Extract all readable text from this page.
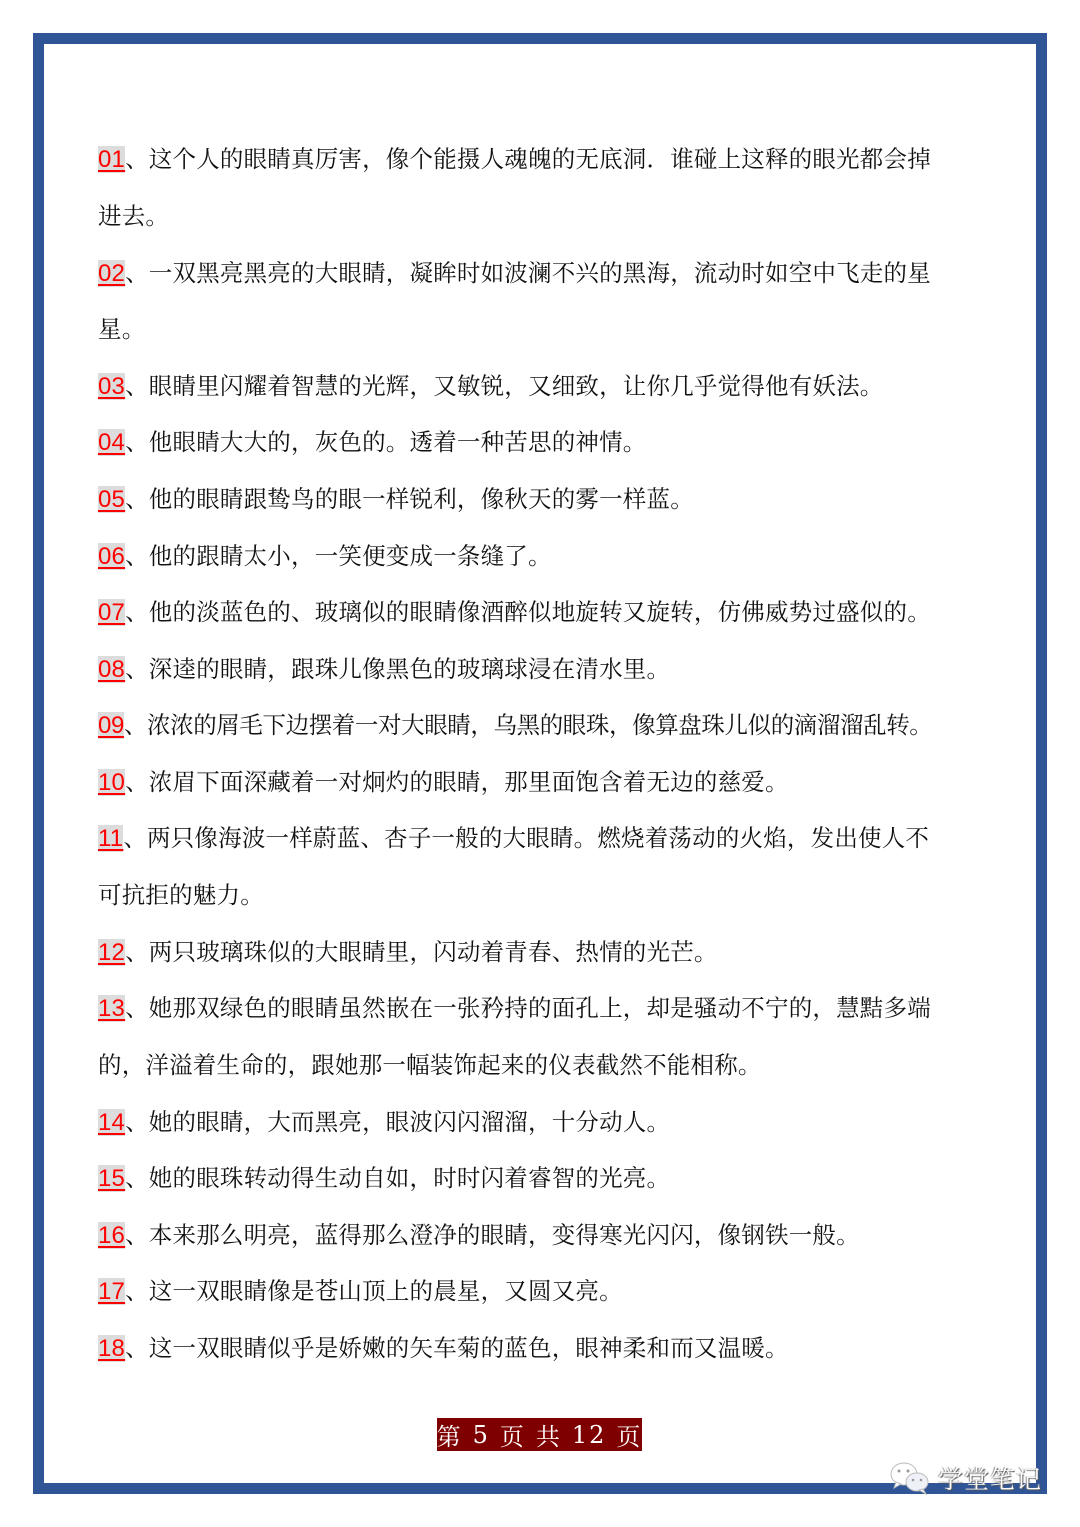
01、这个人的眼睛真厉害，像个能摄人魂魄的无底洞．谁碰上这释的眼光都会掉
进去。
02、一双黑亮黑亮的大眼睛，凝眸时如波澜不兴的黑海，流动时如空中飞走的星
星。
03、眼睛里闪耀着智慧的光辉，又敏锐，又细致，让你几乎觉得他有妖法。
04、他眼睛大大的，灰色的。透着一种苦思的神情。
05、他的眼睛跟鸷鸟的眼一样锐利，像秋天的雾一样蓝。
06、他的跟睛太小，一笑便变成一条缝了。
07、他的淡蓝色的、玻璃似的眼睛像酒醉似地旋转又旋转，仿佛威势过盛似的。
08、深逵的眼睛，跟珠儿像黑色的玻璃球浸在清水里。
09、浓浓的屑毛下边摆着一对大眼睛，乌黑的眼珠，像算盘珠儿似的滴溜溜乱转。
10、浓眉下面深藏着一对炯灼的眼睛，那里面饱含着无边的慈爱。
11、两只像海波一样蔚蓝、杏子一般的大眼睛。燃烧着荡动的火焰，发出使人不
可抗拒的魅力。
12、两只玻璃珠似的大眼睛里，闪动着青春、热情的光芒。
13、她那双绿色的眼睛虽然嵌在一张矜持的面孔上，却是骚动不宁的，慧黠多端
的，洋溢着生命的，跟她那一幅装饰起来的仪表截然不能相称。
14、她的眼睛，大而黑亮，眼波闪闪溜溜，十分动人。
15、她的眼珠转动得生动自如，时时闪着睿智的光亮。
16、本来那么明亮，蓝得那么澄净的眼睛，变得寒光闪闪，像钢铁一般。
17、这一双眼睛像是苍山顶上的晨星，又圆又亮。
18、这一双眼睛似乎是娇嫩的矢车菊的蓝色，眼神柔和而又温暖。
第 5 页 共 12 页
学堂笔记
